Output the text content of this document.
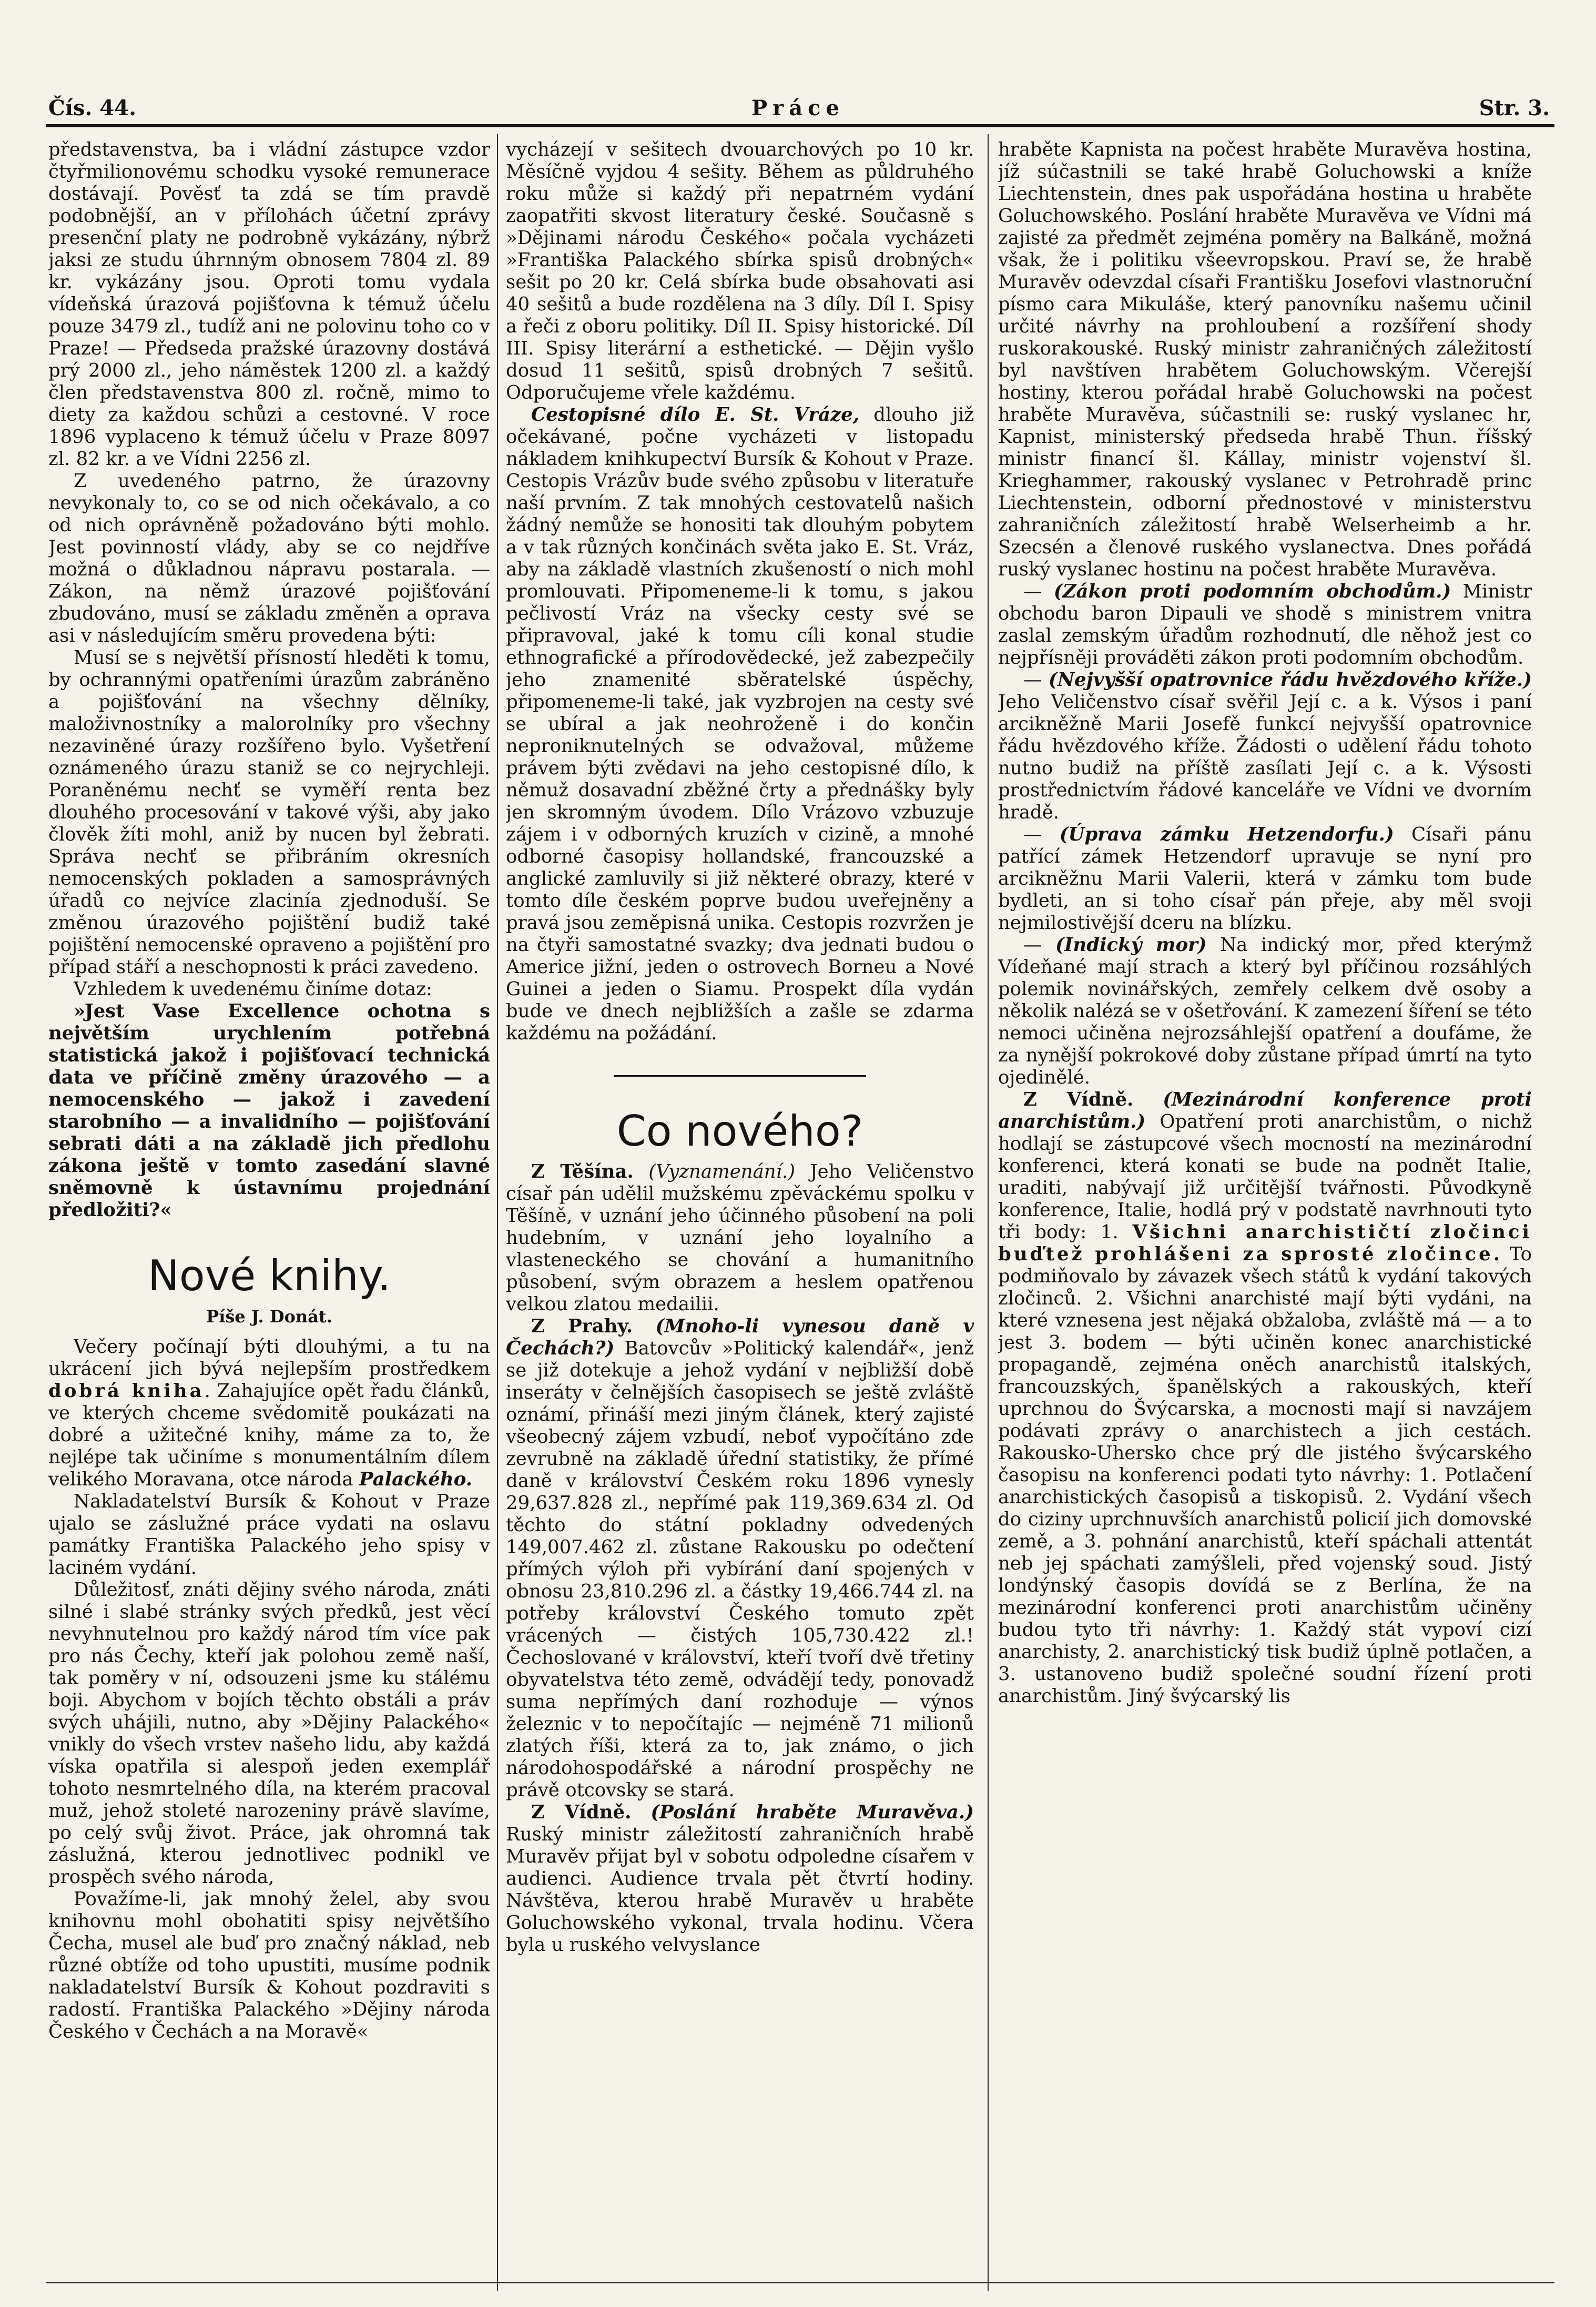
Čís. 44.	Práce	Str. 3.

představenstva, ba i vládní zástupce vzdor čtyřmilionovému schodku vysoké remunerace dostávají. Pověsť ta zdá se tím pravdě podobnější, an v přílohách účetní zprávy presenční platy ne podrobně vykázány, nýbrž jaksi ze studu úhrnným obnosem 7804 zl. 89 kr. vykázány jsou. Oproti tomu vydala vídeňská úrazová pojišťovna k témuž účelu pouze 3479 zl., tudíž ani ne polovinu toho co v Praze! — Předseda pražské úrazovny dostává prý 2000 zl., jeho náměstek 1200 zl. a každý člen představenstva 800 zl. ročně, mimo to diety za každou schůzi a cestovné. V roce 1896 vyplaceno k témuž účelu v Praze 8097 zl. 82 kr. a ve Vídni 2256 zl.

Z uvedeného patrno, že úrazovny nevykonaly to, co se od nich očekávalo, a co od nich oprávněně požadováno býti mohlo. Jest povinností vlády, aby se co nejdříve možná o důkladnou nápravu postarala. — Zákon, na němž úrazové pojišťování zbudováno, musí se základu změněn a oprava asi v následujícím směru provedena býti:

Musí se s největší přísností hleděti k tomu, by ochrannými opatřeními úrazům zabráněno a pojišťování na všechny dělníky, maloživnostníky a malorolníky pro všechny nezaviněné úrazy rozšířeno bylo. Vyšetření oznámeného úrazu staniž se co nejrychleji. Poraněnému nechť se vyměří renta bez dlouhého procesování v takové výši, aby jako člověk žíti mohl, aniž by nucen byl žebrati. Správa nechť se přibráním okresních nemocenských pokladen a samosprávných úřadů co nejvíce zlacinía zjednoduší. Se změnou úrazového pojištění budiž také pojištění nemocenské opraveno a pojištění pro případ stáří a neschopnosti k práci zavedeno.

Vzhledem k uvedenému činíme dotaz:

»Jest Vase Excellence ochotna s největším urychlením potřebná statistická jakož i pojišťovací technická data ve příčině změny úrazového — a nemocenského — jakož i zavedení starobního — a invalidního — pojišťování sebrati dáti a na základě jich předlohu zákona ještě v tomto zasedání slavné sněmovně k ústavnímu projednání předložiti?«

Nové knihy.

Píše J. Donát.

Večery počínají býti dlouhými, a tu na ukrácení jich bývá nejlepším prostředkem dobrá kniha. Zahajujíce opět řadu článků, ve kterých chceme svědomitě poukázati na dobré a užitečné knihy, máme za to, že nejlépe tak učiníme s monumentálním dílem velikého Moravana, otce národa Palackého.

Nakladatelství Bursík & Kohout v Praze ujalo se záslužné práce vydati na oslavu památky Františka Palackého jeho spisy v laciném vydání.

Důležitosť, znáti dějiny svého národa, znáti silné i slabé stránky svých předků, jest věcí nevyhnutelnou pro každý národ tím více pak pro nás Čechy, kteří jak polohou země naší, tak poměry v ní, odsouzeni jsme ku stálému boji. Abychom v bojích těchto obstáli a práv svých uhájili, nutno, aby »Dějiny Palackého« vnikly do všech vrstev našeho lidu, aby každá víska opatřila si alespoň jeden exemplář tohoto nesmrtelného díla, na kterém pracoval muž, jehož stoleté narozeniny právě slavíme, po celý svůj život. Práce, jak ohromná tak záslužná, kterou jednotlivec podnikl ve prospěch svého národa,

Považíme-li, jak mnohý želel, aby svou knihovnu mohl obohatiti spisy největšího Čecha, musel ale buď pro značný náklad, neb různé obtíže od toho upustiti, musíme podnik nakladatelství Bursík & Kohout pozdraviti s radostí. Františka Palackého »Dějiny národa Českého v Čechách a na Moravě«

vycházejí v sešitech dvouarchových po 10 kr. Měsíčně vyjdou 4 sešity. Během as půldruhého roku může si každý při nepatrném vydání zaopatřiti skvost literatury české. Současně s »Dějinami národu Českého« počala vycházeti »Františka Palackého sbírka spisů drobných« sešit po 20 kr. Celá sbírka bude obsahovati asi 40 sešitů a bude rozdělena na 3 díly. Díl I. Spisy a řeči z oboru politiky. Díl II. Spisy historické. Díl III. Spisy literární a esthetické. — Dějin vyšlo dosud 11 sešitů, spisů drobných 7 sešitů. Odporučujeme vřele každému.

Cestopisné dílo E. St. Vráze, dlouho již očekávané, počne vycházeti v listopadu nákladem knihkupectví Bursík & Kohout v Praze. Cestopis Vrázův bude svého způsobu v literatuře naší prvním. Z tak mnohých cestovatelů našich žádný nemůže se honositi tak dlouhým pobytem a v tak různých končinách světa jako E. St. Vráz, aby na základě vlastních zkušeností o nich mohl promlouvati. Připomeneme-li k tomu, s jakou pečlivostí Vráz na všecky cesty své se připravoval, jaké k tomu cíli konal studie ethnografické a přírodovědecké, jež zabezpečily jeho znamenité sběratelské úspěchy, připomeneme-li také, jak vyzbrojen na cesty své se ubíral a jak neohroženě i do končin neproniknutelných se odvažoval, můžeme právem býti zvědavi na jeho cestopisné dílo, k němuž dosavadní zběžné črty a přednášky byly jen skromným úvodem. Dílo Vrázovo vzbuzuje zájem i v odborných kruzích v cizině, a mnohé odborné časopisy hollandské, francouzské a anglické zamluvily si již některé obrazy, které v tomto díle českém poprve budou uveřejněny a pravá jsou zeměpisná unika. Cestopis rozvržen je na čtyři samostatné svazky; dva jednati budou o Americe jižní, jeden o ostrovech Borneu a Nové Guinei a jeden o Siamu. Prospekt díla vydán bude ve dnech nejbližších a zašle se zdarma každému na požádání.

Co nového?

Z Těšína. (Vyznamenání.) Jeho Veličenstvo císař pán udělil mužskému zpěváckému spolku v Těšíně, v uznání jeho účinného působení na poli hudebním, v uznání jeho loyalního a vlasteneckého se chování a humanitního působení, svým obrazem a heslem opatřenou velkou zlatou medailii.

Z Prahy. (Mnoho-li vynesou daně v Čechách?) Batovcův »Politický kalendář«, jenž se již dotekuje a jehož vydání v nejbližší době inseráty v čelnějších časopisech se ještě zvláště oznámí, přináší mezi jiným článek, který zajisté všeobecný zájem vzbudí, neboť vypočítáno zde zevrubně na základě úřední statistiky, že přímé daně v království Českém roku 1896 vynesly 29,637.828 zl., nepřímé pak 119,369.634 zl. Od těchto do státní pokladny odvedených 149,007.462 zl. zůstane Rakousku po odečtení přímých výloh při vybírání daní spojených v obnosu 23,810.296 zl. a částky 19,466.744 zl. na potřeby království Českého tomuto zpět vrácených — čistých 105,730.422 zl.! Čechoslované v království, kteří tvoří dvě třetiny obyvatelstva této země, odvádějí tedy, ponovadž suma nepřímých daní rozhoduje — výnos železnic v to nepočítajíc — nejméně 71 milionů zlatých říši, která za to, jak známo, o jich národohospodářské a národní prospěchy ne právě otcovsky se stará.

Z Vídně. (Poslání hraběte Muravěva.) Ruský ministr záležitostí zahraničních hrabě Muravěv přijat byl v sobotu odpoledne císařem v audienci. Audience trvala pět čtvrtí hodiny. Návštěva, kterou hrabě Muravěv u hraběte Goluchowského vykonal, trvala hodinu. Včera byla u ruského velvyslance

hraběte Kapnista na počest hraběte Muravěva hostina, jíž súčastnili se také hrabě Goluchowski a kníže Liechtenstein, dnes pak uspořádána hostina u hraběte Goluchowského. Poslání hraběte Muravěva ve Vídni má zajisté za předmět zejména poměry na Balkáně, možná však, že i politiku všeevropskou. Praví se, že hrabě Muravěv odevzdal císaři Františku Josefovi vlastnoruční písmo cara Mikuláše, který panovníku našemu učinil určité návrhy na prohloubení a rozšíření shody ruskorakouské. Ruský ministr zahraničných záležitostí byl navštíven hrabětem Goluchowským. Včerejší hostiny, kterou pořádal hrabě Goluchowski na počest hraběte Muravěva, súčastnili se: ruský vyslanec hr, Kapnist, ministerský předseda hrabě Thun. říšský ministr financí šl. Kállay, ministr vojenství šl. Krieghammer, rakouský vyslanec v Petrohradě princ Liechtenstein, odborní přednostové v ministerstvu zahraničních záležitostí hrabě Welserheimb a hr. Szecsén a členové ruského vyslanectva. Dnes pořádá ruský vyslanec hostinu na počest hraběte Muravěva.

— (Zákon proti podomním obchodům.) Ministr obchodu baron Dipauli ve shodě s ministrem vnitra zaslal zemským úřadům rozhodnutí, dle něhož jest co nejpřísněji prováděti zákon proti podomním obchodům.

— (Nejvyšší opatrovnice řádu hvězdového kříže.) Jeho Veličenstvo císař svěřil Její c. a k. Výsos i paní arcikněžně Marii Josefě funkcí nejvyšší opatrovnice řádu hvězdového kříže. Žádosti o udělení řádu tohoto nutno budiž na příště zasílati Její c. a k. Výsosti prostřednictvím řádové kanceláře ve Vídni ve dvorním hradě.

— (Úprava zámku Hetzendorfu.) Císaři pánu patřící zámek Hetzendorf upravuje se nyní pro arcikněžnu Marii Valerii, která v zámku tom bude bydleti, an si toho císař pán přeje, aby měl svoji nejmilostivější dceru na blízku.

— (Indický mor) Na indický mor, před kterýmž Vídeňané mají strach a který byl příčinou rozsáhlých polemik novinářských, zemřely celkem dvě osoby a několik nalézá se v ošetřování. K zamezení šíření se této nemoci učiněna nejrozsáhlejší opatření a doufáme, že za nynější pokrokové doby zůstane případ úmrtí na tyto ojedinělé.

Z Vídně. (Mezinárodní konference proti anarchistům.) Opatření proti anarchistům, o nichž hodlají se zástupcové všech mocností na mezinárodní konferenci, která konati se bude na podnět Italie, uraditi, nabývají již určitější tvářnosti. Původkyně konference, Italie, hodlá prý v podstatě navrhnouti tyto tři body: 1. Všichni anarchističtí zločinci buďtež prohlášeni za sprosté zločince. To podmiňovalo by závazek všech států k vydání takových zločinců. 2. Všichni anarchisté mají býti vydáni, na které vznesena jest nějaká obžaloba, zvláště má — a to jest 3. bodem — býti učiněn konec anarchistické propagandě, zejména oněch anarchistů italských, francouzských, španělských a rakouských, kteří uprchnou do Švýcarska, a mocnosti mají si navzájem podávati zprávy o anarchistech a jich cestách. Rakousko-Uhersko chce prý dle jistého švýcarského časopisu na konferenci podati tyto návrhy: 1. Potlačení anarchistických časopisů a tiskopisů. 2. Vydání všech do ciziny uprchnuvších anarchistů policií jich domovské země, a 3. pohnání anarchistů, kteří spáchali attentát neb jej spáchati zamýšleli, před vojenský soud. Jistý londýnský časopis dovídá se z Berlína, že na mezinárodní konferenci proti anarchistům učiněny budou tyto tři návrhy: 1. Každý stát vypoví cizí anarchisty, 2. anarchistický tisk budiž úplně potlačen, a 3. ustanoveno budiž společné soudní řízení proti anarchistům. Jiný švýcarský lis
